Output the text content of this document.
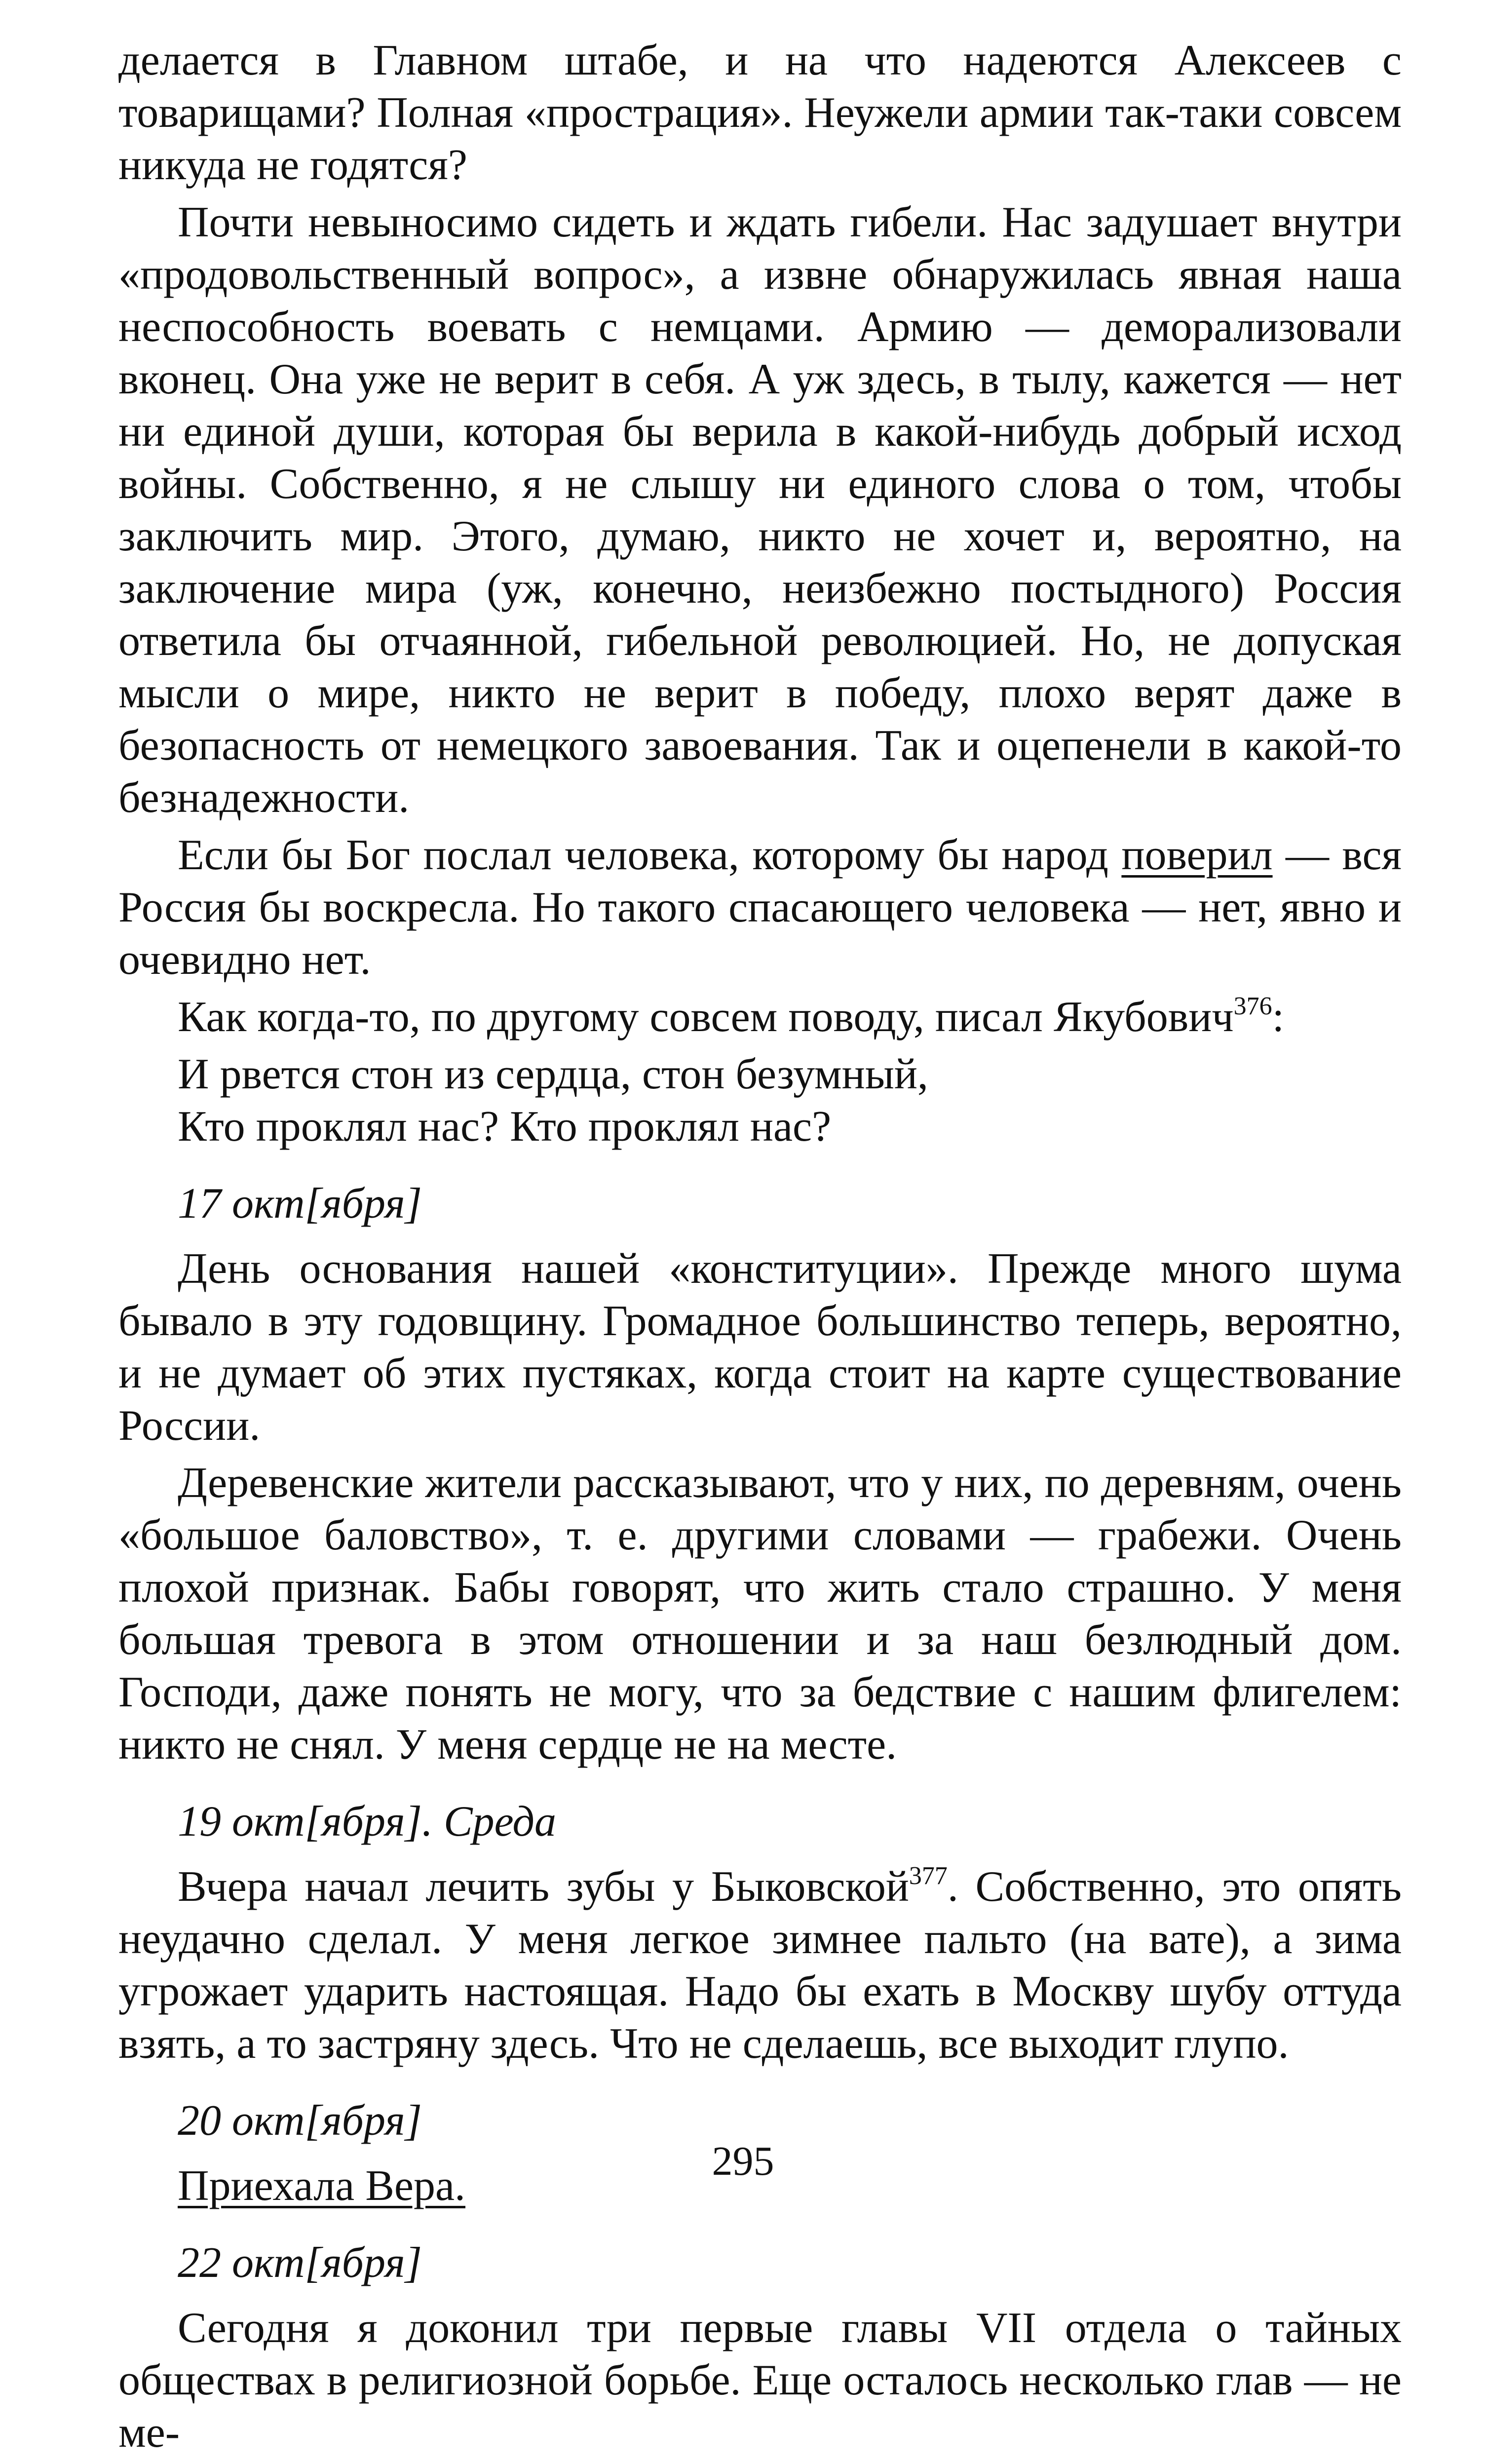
делается в Главном штабе, и на что надеются Алексеев с товарищами? Полная «прострация». Неужели армии так-таки совсем никуда не годятся?

Почти невыносимо сидеть и ждать гибели. Нас задушает внутри «продовольственный вопрос», а извне обнаружилась явная наша неспособность воевать с немцами. Армию — деморализовали вконец. Она уже не верит в себя. А уж здесь, в тылу, кажется — нет ни единой души, которая бы верила в какой-нибудь добрый исход войны. Собственно, я не слышу ни единого слова о том, чтобы заключить мир. Этого, думаю, никто не хочет и, вероятно, на заключение мира (уж, конечно, неизбежно постыдного) Россия ответила бы отчаянной, гибельной революцией. Но, не допуская мысли о мире, никто не верит в победу, плохо верят даже в безопасность от немецкого завоевания. Так и оцепенели в какой-то безнадежности.

Если бы Бог послал человека, которому бы народ поверил — вся Россия бы воскресла. Но такого спасающего человека — нет, явно и очевидно нет.

Как когда-то, по другому совсем поводу, писал Якубович$^{376}$:

И рвется стон из сердца, стон безумный,

Кто проклял нас? Кто проклял нас?

17 окт[ября]

День основания нашей «конституции». Прежде много шума бывало в эту годовщину. Громадное большинство теперь, вероятно, и не думает об этих пустяках, когда стоит на карте существование России.

Деревенские жители рассказывают, что у них, по деревням, очень «большое баловство», т. е. другими словами — грабежи. Очень плохой признак. Бабы говорят, что жить стало страшно. У меня большая тревога в этом отношении и за наш безлюдный дом. Господи, даже понять не могу, что за бедствие с нашим флигелем: никто не снял. У меня сердце не на месте.

19 окт[ября]. Среда

Вчера начал лечить зубы у Быковской$^{377}$. Собственно, это опять неудачно сделал. У меня легкое зимнее пальто (на вате), а зима угрожает ударить настоящая. Надо бы ехать в Москву шубу оттуда взять, а то застряну здесь. Что не сделаешь, все выходит глупо.

20 окт[ября]

Приехала Вера.

22 окт[ября]

Сегодня я доконил три первые главы VII отдела о тайных обществах в религиозной борьбе. Еще осталось несколько глав — не ме-

295
